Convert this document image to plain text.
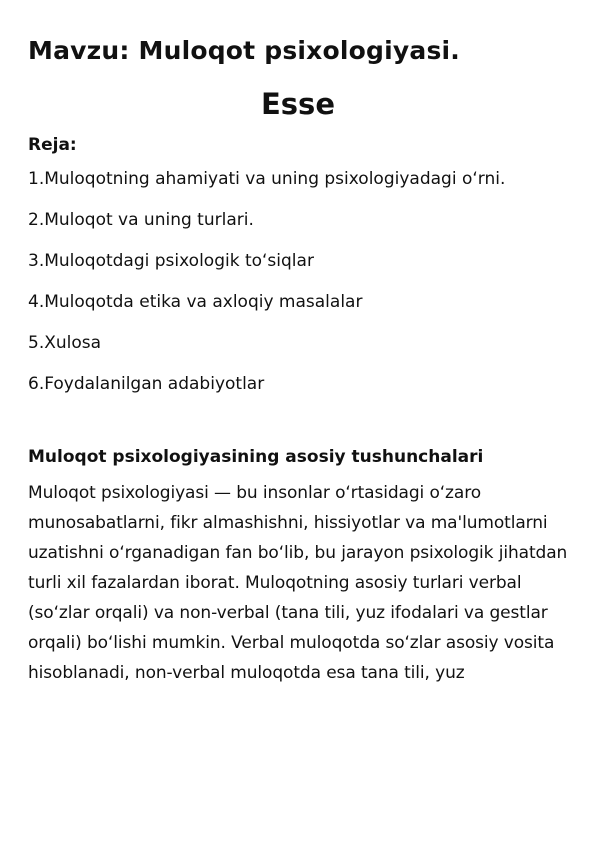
Mavzu: Muloqot psixologiyasi.
Esse
Reja:
1.Muloqotning ahamiyati va uning psixologiyadagi o‘rni.
2.Muloqot va uning turlari.
3.Muloqotdagi psixologik to‘siqlar
4.Muloqotda etika va axloqiy masalalar
5.Xulosa
6.Foydalanilgan adabiyotlar
Muloqot psixologiyasining asosiy tushunchalari

Muloqot psixologiyasi — bu insonlar o‘rtasidagi o‘zaro munosabatlarni, fikr almashishni, hissiyotlar va ma'lumotlarni uzatishni o‘rganadigan fan bo‘lib, bu jarayon psixologik jihatdan turli xil fazalardan iborat. Muloqotning asosiy turlari verbal (so‘zlar orqali) va non-verbal (tana tili, yuz ifodalari va gestlar orqali) bo‘lishi mumkin. Verbal muloqotda so‘zlar asosiy vosita hisoblanadi, non-verbal muloqotda esa tana tili, yuz
